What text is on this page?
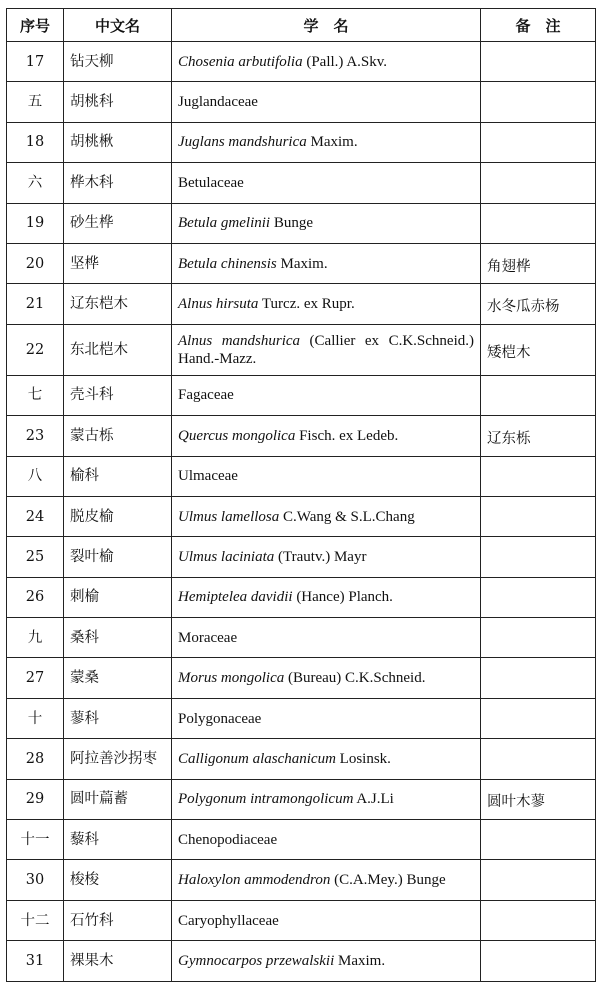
序号	中文名	学　名	备　注
17	钻天柳	Chosenia arbutifolia (Pall.) A.Skv.	
五	胡桃科	Juglandaceae	
18	胡桃楸	Juglans mandshurica Maxim.	
六	桦木科	Betulaceae	
19	砂生桦	Betula gmelinii Bunge	
20	坚桦	Betula chinensis Maxim.	角翅桦
21	辽东桤木	Alnus hirsuta Turcz. ex Rupr.	水冬瓜赤杨
22	东北桤木	Alnus mandshurica (Callier ex C.K.Schneid.) Hand.-Mazz.	矮桤木
七	壳斗科	Fagaceae	
23	蒙古栎	Quercus mongolica Fisch. ex Ledeb.	辽东栎
八	榆科	Ulmaceae	
24	脱皮榆	Ulmus lamellosa C.Wang & S.L.Chang	
25	裂叶榆	Ulmus laciniata (Trautv.) Mayr	
26	刺榆	Hemiptelea davidii (Hance) Planch.	
九	桑科	Moraceae	
27	蒙桑	Morus mongolica (Bureau) C.K.Schneid.	
十	蓼科	Polygonaceae	
28	阿拉善沙拐枣	Calligonum alaschanicum Losinsk.	
29	圆叶萹蓄	Polygonum intramongolicum A.J.Li	圆叶木蓼
十一	藜科	Chenopodiaceae	
30	梭梭	Haloxylon ammodendron (C.A.Mey.) Bunge	
十二	石竹科	Caryophyllaceae	
31	裸果木	Gymnocarpos przewalskii Maxim.	
